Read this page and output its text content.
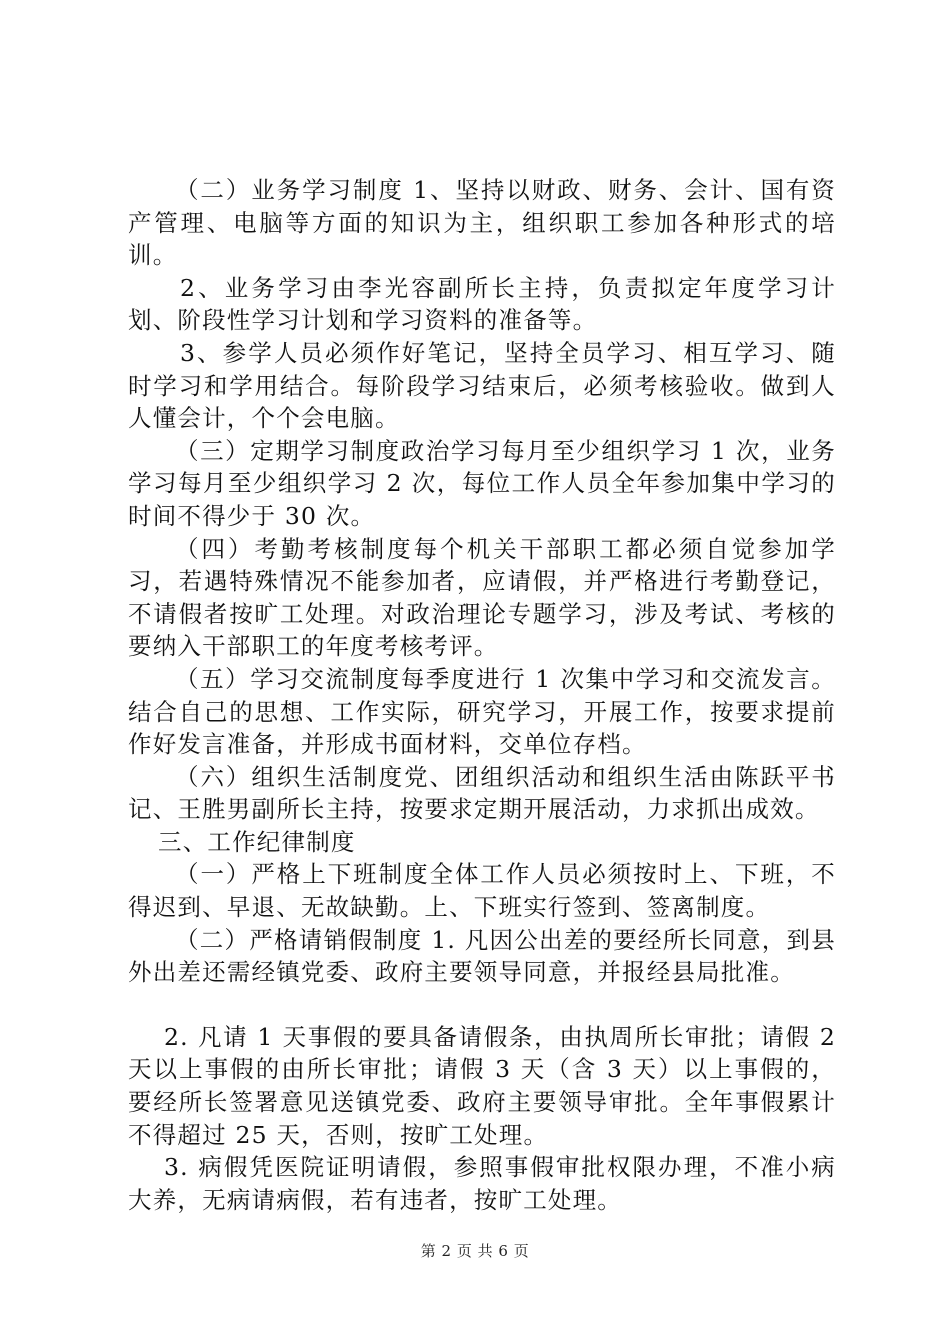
（二）业务学习制度 1、坚持以财政、财务、会计、国有资产管理、电脑等方面的知识为主，组织职工参加各种形式的培训。

2、业务学习由李光容副所长主持，负责拟定年度学习计划、阶段性学习计划和学习资料的准备等。

3、参学人员必须作好笔记，坚持全员学习、相互学习、随时学习和学用结合。每阶段学习结束后，必须考核验收。做到人人懂会计，个个会电脑。

（三）定期学习制度政治学习每月至少组织学习 1 次，业务学习每月至少组织学习 2 次，每位工作人员全年参加集中学习的时间不得少于 30 次。

（四）考勤考核制度每个机关干部职工都必须自觉参加学习，若遇特殊情况不能参加者，应请假，并严格进行考勤登记，不请假者按旷工处理。对政治理论专题学习，涉及考试、考核的要纳入干部职工的年度考核考评。

（五）学习交流制度每季度进行 1 次集中学习和交流发言。结合自己的思想、工作实际，研究学习，开展工作，按要求提前作好发言准备，并形成书面材料，交单位存档。

（六）组织生活制度党、团组织活动和组织生活由陈跃平书记、王胜男副所长主持，按要求定期开展活动，力求抓出成效。

三、工作纪律制度

（一）严格上下班制度全体工作人员必须按时上、下班，不得迟到、早退、无故缺勤。上、下班实行签到、签离制度。

（二）严格请销假制度 1. 凡因公出差的要经所长同意，到县外出差还需经镇党委、政府主要领导同意，并报经县局批准。

2. 凡请 1 天事假的要具备请假条，由执周所长审批；请假 2 天以上事假的由所长审批；请假 3 天（含 3 天）以上事假的，要经所长签署意见送镇党委、政府主要领导审批。全年事假累计不得超过 25 天，否则，按旷工处理。

3. 病假凭医院证明请假，参照事假审批权限办理，不准小病大养，无病请病假，若有违者，按旷工处理。

第 2 页 共 6 页
